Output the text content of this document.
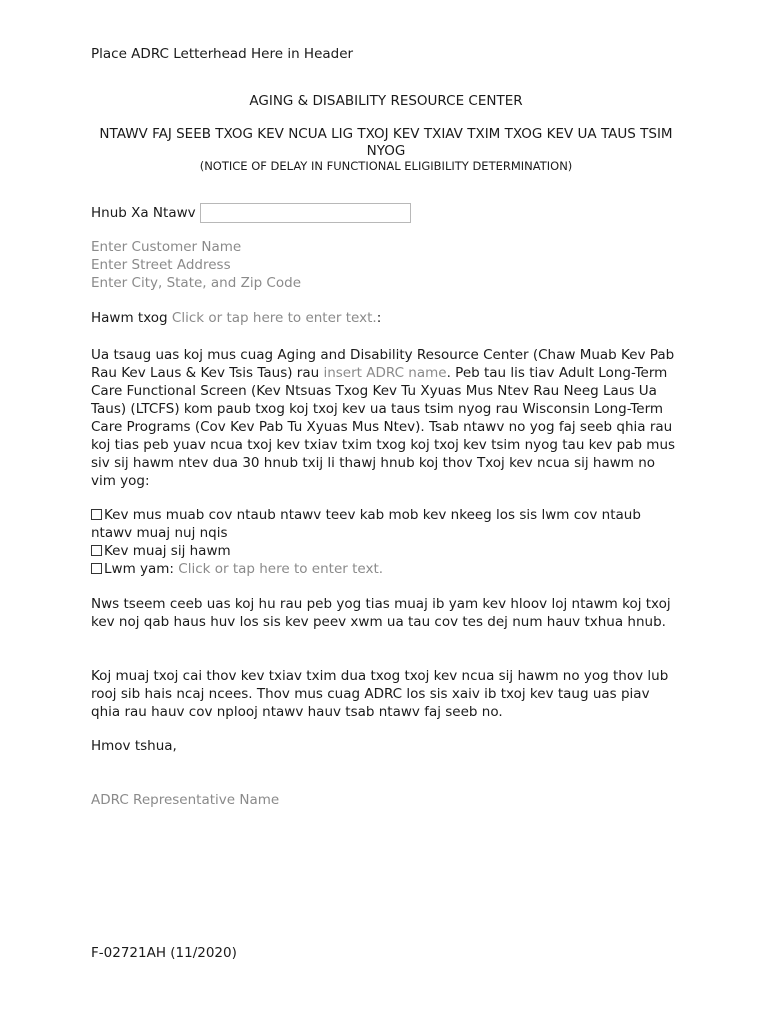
Place ADRC Letterhead Here in Header
AGING & DISABILITY RESOURCE CENTER
NTAWV FAJ SEEB TXOG KEV NCUA LIG TXOJ KEV TXIAV TXIM TXOG KEV UA TAUS TSIM NYOG
(NOTICE OF DELAY IN FUNCTIONAL ELIGIBILITY DETERMINATION)
Hnub Xa Ntawv
Enter Customer Name
Enter Street Address
Enter City, State, and Zip Code
Hawm txog Click or tap here to enter text.:
Ua tsaug uas koj mus cuag Aging and Disability Resource Center (Chaw Muab Kev Pab Rau Kev Laus & Kev Tsis Taus) rau insert ADRC name. Peb tau lis tiav Adult Long-Term Care Functional Screen (Kev Ntsuas Txog Kev Tu Xyuas Mus Ntev Rau Neeg Laus Ua Taus) (LTCFS) kom paub txog koj txoj kev ua taus tsim nyog rau Wisconsin Long-Term Care Programs (Cov Kev Pab Tu Xyuas Mus Ntev). Tsab ntawv no yog faj seeb qhia rau koj tias peb yuav ncua txoj kev txiav txim txog koj txoj kev tsim nyog tau kev pab mus siv sij hawm ntev dua 30 hnub txij li thawj hnub koj thov Txoj kev ncua sij hawm no vim yog:
Kev mus muab cov ntaub ntawv teev kab mob kev nkeeg los sis lwm cov ntaub ntawv muaj nuj nqis
Kev muaj sij hawm
Lwm yam: Click or tap here to enter text.
Nws tseem ceeb uas koj hu rau peb yog tias muaj ib yam kev hloov loj ntawm koj txoj kev noj qab haus huv los sis kev peev xwm ua tau cov tes dej num hauv txhua hnub.
Koj muaj txoj cai thov kev txiav txim dua txog txoj kev ncua sij hawm no yog thov lub rooj sib hais ncaj ncees. Thov mus cuag ADRC los sis xaiv ib txoj kev taug uas piav qhia rau hauv cov nplooj ntawv hauv tsab ntawv faj seeb no.
Hmov tshua,
ADRC Representative Name
F-02721AH (11/2020)
